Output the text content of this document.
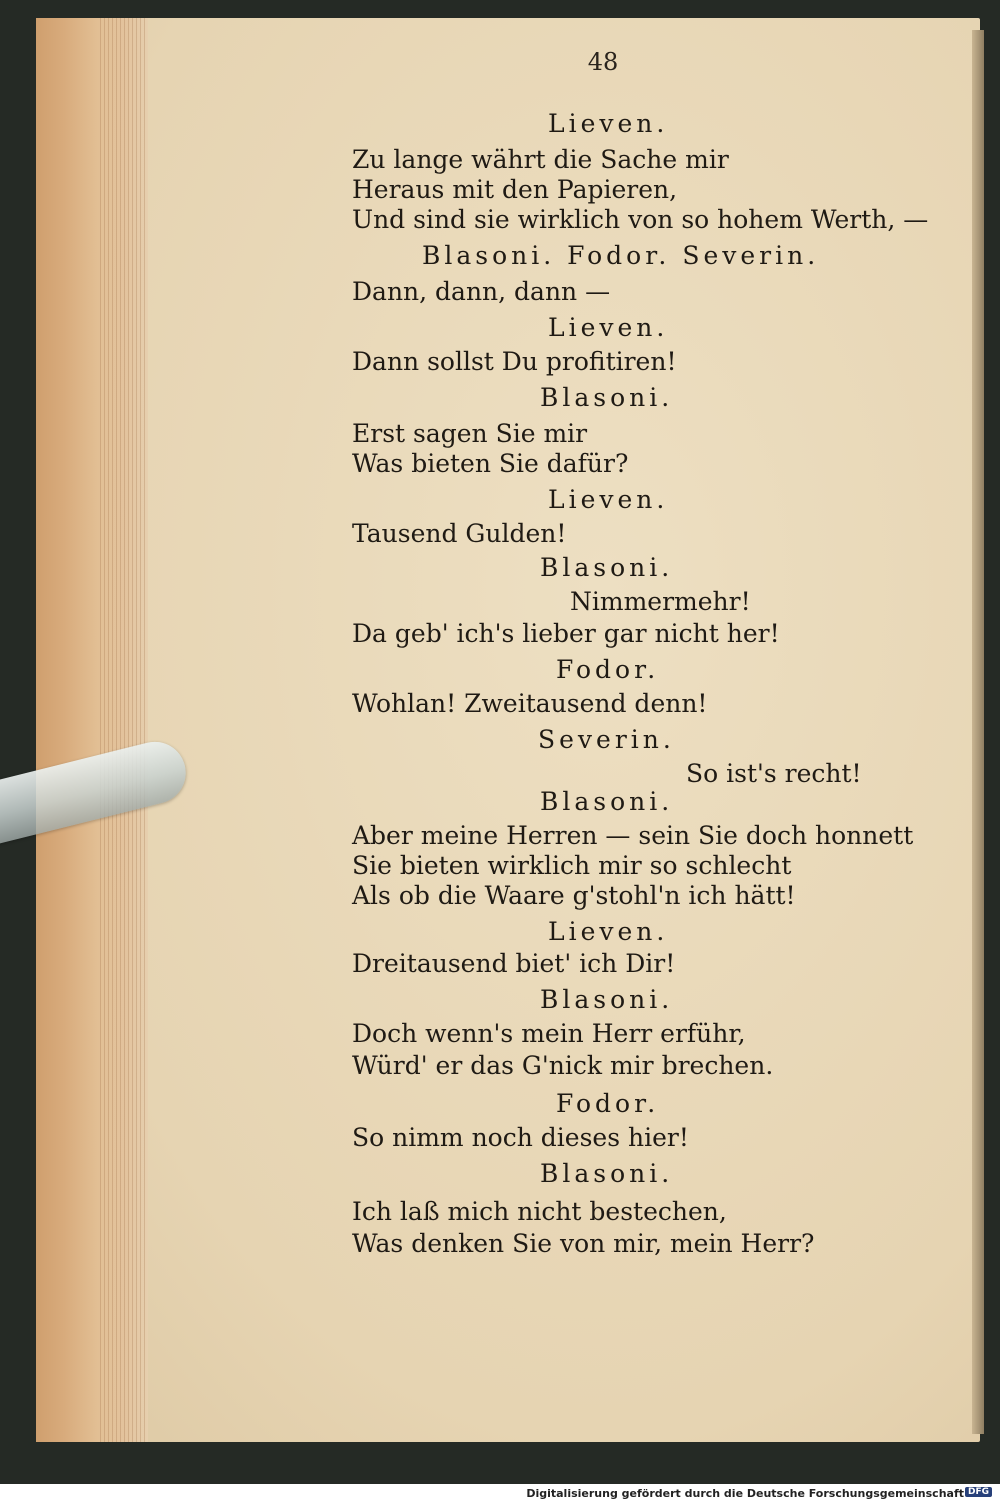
48
Lieven.
Zu lange währt die Sache mir
Heraus mit den Papieren,
Und sind sie wirklich von so hohem Werth, —
Blasoni. Fodor. Severin.
Dann, dann, dann —
Lieven.
Dann sollst Du profitiren!
Blasoni.
Erst sagen Sie mir
Was bieten Sie dafür?
Lieven.
Tausend Gulden!
Blasoni.
Nimmermehr!
Da geb' ich's lieber gar nicht her!
Fodor.
Wohlan! Zweitausend denn!
Severin.
So ist's recht!
Blasoni.
Aber meine Herren — sein Sie doch honnett
Sie bieten wirklich mir so schlecht
Als ob die Waare g'stohl'n ich hätt!
Lieven.
Dreitausend biet' ich Dir!
Blasoni.
Doch wenn's mein Herr erführ,
Würd' er das G'nick mir brechen.
Fodor.
So nimm noch dieses hier!
Blasoni.
Ich laß mich nicht bestechen,
Was denken Sie von mir, mein Herr?
Digitalisierung gefördert durch die Deutsche Forschungsgemeinschaft DFG
